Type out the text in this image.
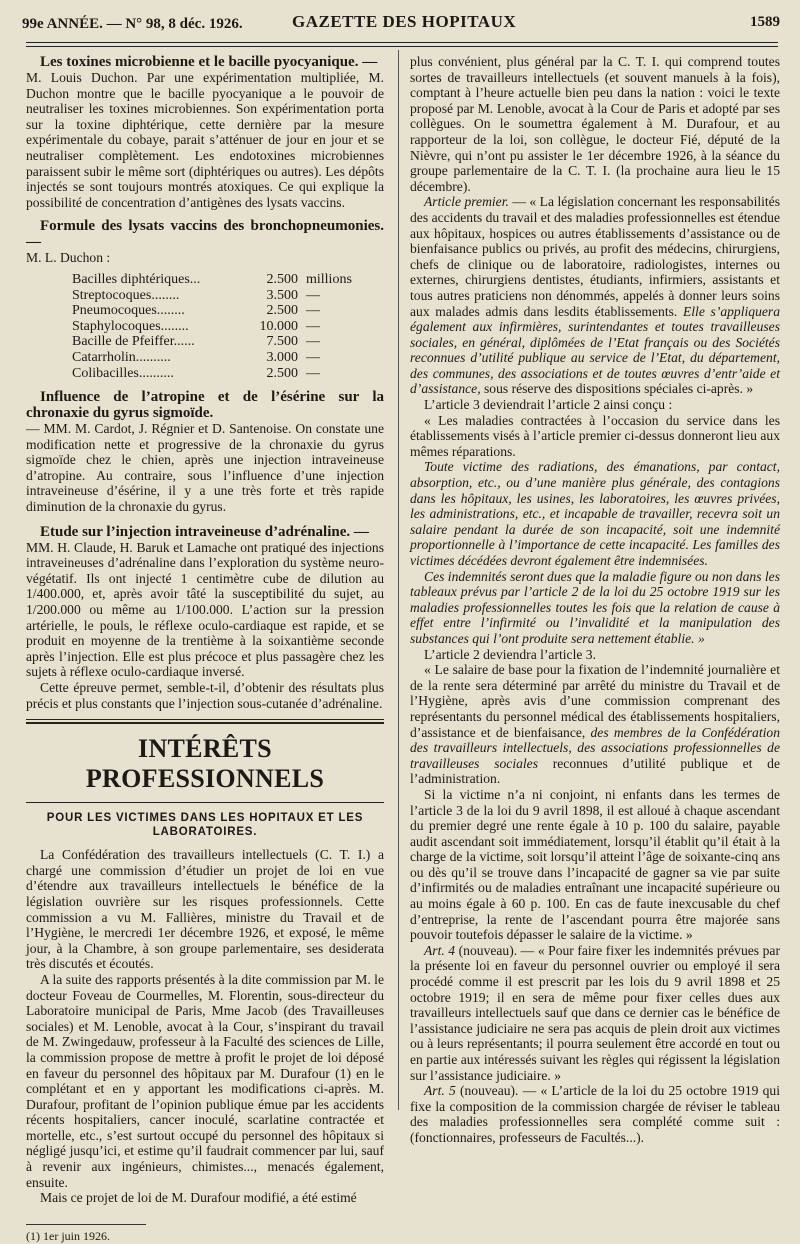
99e ANNÉE. — N° 98, 8 déc. 1926.	GAZETTE DES HOPITAUX	1589

Les toxines microbienne et le bacille pyocyanique. —

M. Louis Duchon. Par une expérimentation multipliée, M. Duchon montre que le bacille pyocyanique a le pouvoir de neutraliser les toxines microbiennes. Son expérimentation porta sur la toxine diphtérique, cette dernière par la mesure expérimentale du cobaye, parait s’atténuer de jour en jour et se neutraliser complètement. Les endotoxines microbiennes paraissent subir le même sort (diphtériques ou autres). Les dépôts injectés se sont toujours montrés atoxiques. Ce qui explique la possibilité de concentration d’antigènes des lysats vaccins.

Formule des lysats vaccins des bronchopneumonies. —

M. L. Duchon :

Bacilles diphtériques...	2.500 millions
Streptocoques........	3.500 —
Pneumocoques........	2.500 —
Staphylocoques........	10.000 —
Bacille de Pfeiffer......	7.500 —
Catarrholin..........	3.000 —
Colibacilles..........	2.500 —

Influence de l’atropine et de l’ésérine sur la chronaxie du gyrus sigmoïde.

— MM. M. Cardot, J. Régnier et D. Santenoise. On constate une modification nette et progressive de la chronaxie du gyrus sigmoïde chez le chien, après une injection intraveineuse d’atropine. Au contraire, sous l’influence d’une injection intraveineuse d’ésérine, il y a une très forte et très rapide diminution de la chronaxie du gyrus.

Etude sur l’injection intraveineuse d’adrénaline. —

MM. H. Claude, H. Baruk et Lamache ont pratiqué des injections intraveineuses d’adrénaline dans l’exploration du système neuro-végétatif. Ils ont injecté 1 centimètre cube de dilution au 1/400.000, et, après avoir tâté la susceptibilité du sujet, au 1/200.000 ou même au 1/100.000. L’action sur la pression artérielle, le pouls, le réflexe oculo-cardiaque est rapide, et se produit en moyenne de la trentième à la soixantième seconde après l’injection. Elle est plus précoce et plus passagère chez les sujets à réflexe oculo-cardiaque inversé.

Cette épreuve permet, semble-t-il, d’obtenir des résultats plus précis et plus constants que l’injection sous-cutanée d’adrénaline.

INTÉRÊTS PROFESSIONNELS
POUR LES VICTIMES DANS LES HOPITAUX ET LES LABORATOIRES.

La Confédération des travailleurs intellectuels (C. T. I.) a chargé une commission d’étudier un projet de loi en vue d’étendre aux travailleurs intellectuels le bénéfice de la législation ouvrière sur les risques professionnels. Cette commission a vu M. Fallières, ministre du Travail et de l’Hygiène, le mercredi 1er décembre 1926, et exposé, le même jour, à la Chambre, à son groupe parlementaire, ses desiderata très discutés et écoutés.

A la suite des rapports présentés à la dite commission par M. le docteur Foveau de Courmelles, M. Florentin, sous-directeur du Laboratoire municipal de Paris, Mme Jacob (des Travailleuses sociales) et M. Lenoble, avocat à la Cour, s’inspirant du travail de M. Zwingedauw, professeur à la Faculté des sciences de Lille, la commission propose de mettre à profit le projet de loi déposé en faveur du personnel des hôpitaux par M. Durafour (1) en le complétant et en y apportant les modifications ci-après. M. Durafour, profitant de l’opinion publique émue par les accidents récents hospitaliers, cancer inoculé, scarlatine contractée et mortelle, etc., s’est surtout occupé du personnel des hôpitaux si négligé jusqu’ici, et estime qu’il faudrait commencer par lui, sauf à revenir aux ingénieurs, chimistes..., menacés également, ensuite.

Mais ce projet de loi de M. Durafour modifié, a été estimé

(1) 1er juin 1926.

plus convénient, plus général par la C. T. I. qui comprend toutes sortes de travailleurs intellectuels (et souvent manuels à la fois), comptant à l’heure actuelle bien peu dans la nation : voici le texte proposé par M. Lenoble, avocat à la Cour de Paris et adopté par ses collègues. On le soumettra également à M. Durafour, et au rapporteur de la loi, son collègue, le docteur Fié, député de la Nièvre, qui n’ont pu assister le 1er décembre 1926, à la séance du groupe parlementaire de la C. T. I. (la prochaine aura lieu le 15 décembre).

Article premier. — « La législation concernant les responsabilités des accidents du travail et des maladies professionnelles est étendue aux hôpitaux, hospices ou autres établissements d’assistance ou de bienfaisance publics ou privés, au profit des médecins, chirurgiens, chefs de clinique ou de laboratoire, radiologistes, internes ou externes, chirurgiens dentistes, étudiants, infirmiers, assistants et tous autres praticiens non dénommés, appelés à donner leurs soins aux malades admis dans lesdits établissements. Elle s’appliquera également aux infirmières, surintendantes et toutes travailleuses sociales, en général, diplômées de l’Etat français ou des Sociétés reconnues d’utilité publique au service de l’Etat, du département, des communes, des associations et de toutes œuvres d’entr’aide et d’assistance, sous réserve des dispositions spéciales ci-après. »

L’article 3 deviendrait l’article 2 ainsi conçu :

« Les maladies contractées à l’occasion du service dans les établissements visés à l’article premier ci-dessus donneront lieu aux mêmes réparations.

Toute victime des radiations, des émanations, par contact, absorption, etc., ou d’une manière plus générale, des contagions dans les hôpitaux, les usines, les laboratoires, les œuvres privées, les administrations, etc., et incapable de travailler, recevra soit un salaire pendant la durée de son incapacité, soit une indemnité proportionnelle à l’importance de cette incapacité. Les familles des victimes décédées devront également être indemnisées.

Ces indemnités seront dues que la maladie figure ou non dans les tableaux prévus par l’article 2 de la loi du 25 octobre 1919 sur les maladies professionnelles toutes les fois que la relation de cause à effet entre l’infirmité ou l’invalidité et la manipulation des substances qui l’ont produite sera nettement établie. »

L’article 2 deviendra l’article 3.

« Le salaire de base pour la fixation de l’indemnité journalière et de la rente sera déterminé par arrêté du ministre du Travail et de l’Hygiène, après avis d’une commission comprenant des représentants du personnel médical des établissements hospitaliers, d’assistance et de bienfaisance, des membres de la Confédération des travailleurs intellectuels, des associations professionnelles de travailleuses sociales reconnues d’utilité publique et de l’administration.

Si la victime n’a ni conjoint, ni enfants dans les termes de l’article 3 de la loi du 9 avril 1898, il est alloué à chaque ascendant du premier degré une rente égale à 10 p. 100 du salaire, payable audit ascendant soit immédiatement, lorsqu’il établit qu’il était à la charge de la victime, soit lorsqu’il atteint l’âge de soixante-cinq ans ou dès qu’il se trouve dans l’incapacité de gagner sa vie par suite d’infirmités ou de maladies entraînant une incapacité supérieure ou au moins égale à 60 p. 100. En cas de faute inexcusable du chef d’entreprise, la rente de l’ascendant pourra être majorée sans pouvoir toutefois dépasser le salaire de la victime. »

Art. 4 (nouveau). — « Pour faire fixer les indemnités prévues par la présente loi en faveur du personnel ouvrier ou employé il sera procédé comme il est prescrit par les lois du 9 avril 1898 et 25 octobre 1919; il en sera de même pour fixer celles dues aux travailleurs intellectuels sauf que dans ce dernier cas le bénéfice de l’assistance judiciaire ne sera pas acquis de plein droit aux victimes ou à leurs représentants; il pourra seulement être accordé en tout ou en partie aux intéressés suivant les règles qui régissent la législation sur l’assistance judiciaire. »

Art. 5 (nouveau). — « L’article de la loi du 25 octobre 1919 qui fixe la composition de la commission chargée de réviser le tableau des maladies professionnelles sera complété comme suit : (fonctionnaires, professeurs de Facultés...).
